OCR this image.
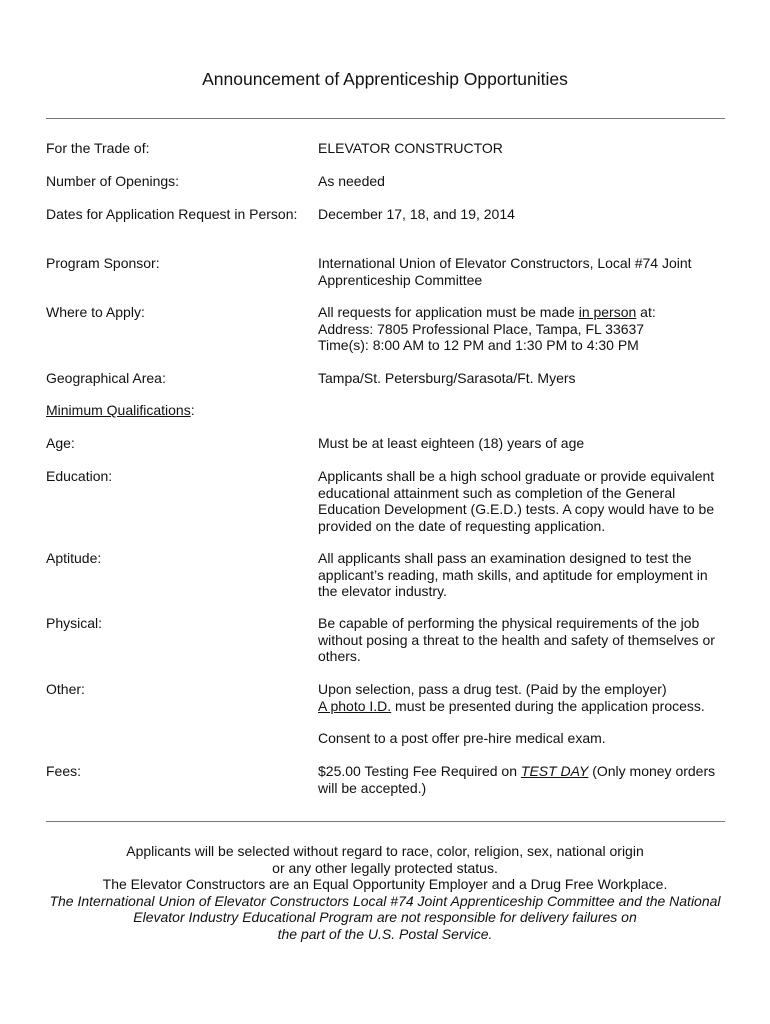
Announcement of Apprenticeship Opportunities
For the Trade of:	ELEVATOR CONSTRUCTOR
Number of Openings:	As needed
Dates for Application Request in Person:	December 17, 18, and 19, 2014
Program Sponsor:	International Union of Elevator Constructors, Local #74 Joint

Apprenticeship Committee

Where to Apply:	All requests for application must be made in person at:

Address: 7805 Professional Place, Tampa, FL 33637

Time(s): 8:00 AM to 12 PM and 1:30 PM to 4:30 PM

Geographical Area:	Tampa/St. Petersburg/Sarasota/Ft. Myers
Minimum Qualifications:
Age:	Must be at least eighteen (18) years of age
Education:	Applicants shall be a high school graduate or provide equivalent

educational attainment such as completion of the General

Education Development (G.E.D.) tests. A copy would have to be

provided on the date of requesting application.

Aptitude:	All applicants shall pass an examination designed to test the

applicant’s reading, math skills, and aptitude for employment in

the elevator industry.

Physical:	Be capable of performing the physical requirements of the job

without posing a threat to the health and safety of themselves or

others.

Other:	Upon selection, pass a drug test. (Paid by the employer)

A photo I.D. must be presented during the application process.

Consent to a post offer pre-hire medical exam.
Fees:	$25.00 Testing Fee Required on TEST DAY (Only money orders

will be accepted.)

Applicants will be selected without regard to race, color, religion, sex, national origin
or any other legally protected status.
The Elevator Constructors are an Equal Opportunity Employer and a Drug Free Workplace.
The International Union of Elevator Constructors Local #74 Joint Apprenticeship Committee and the National
Elevator Industry Educational Program are not responsible for delivery failures on
the part of the U.S. Postal Service.
